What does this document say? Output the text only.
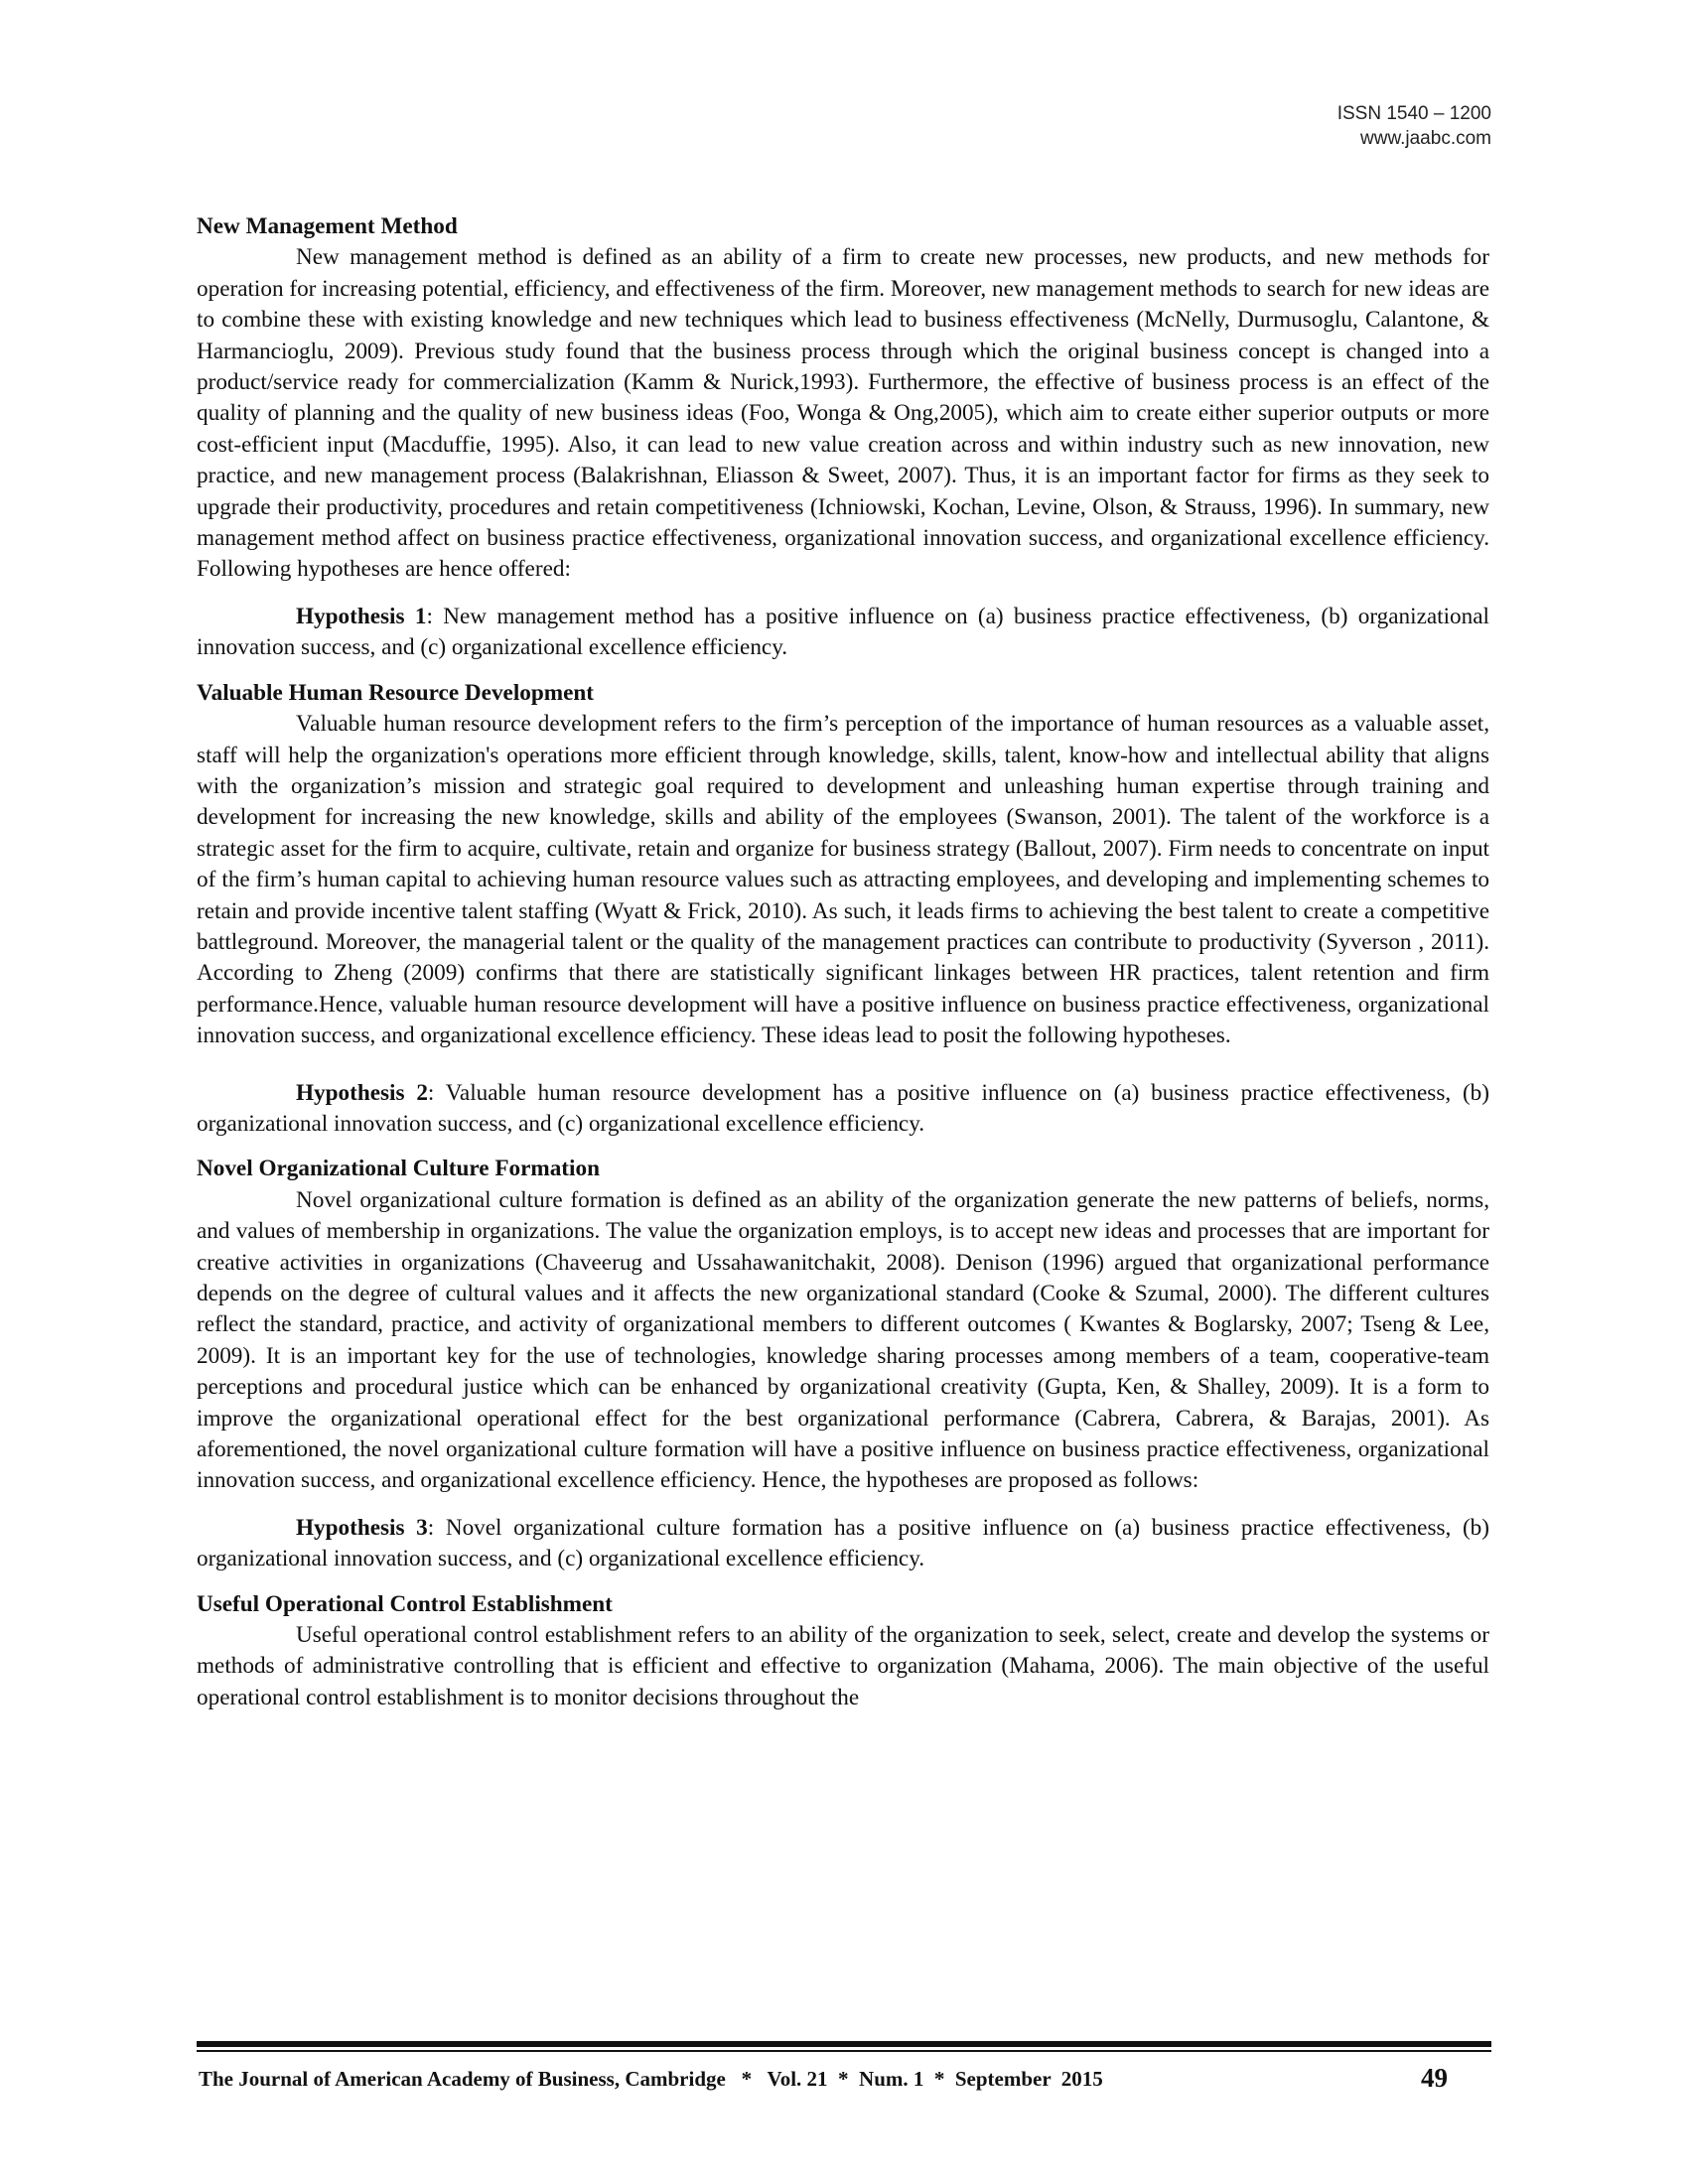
ISSN 1540 – 1200
www.jaabc.com

New Management Method

New management method is defined as an ability of a firm to create new processes, new products, and new methods for operation for increasing potential, efficiency, and effectiveness of the firm. Moreover, new management methods to search for new ideas are to combine these with existing knowledge and new techniques which lead to business effectiveness (McNelly, Durmusoglu, Calantone, & Harmancioglu, 2009). Previous study found that the business process through which the original business concept is changed into a product/service ready for commercialization (Kamm & Nurick,1993). Furthermore, the effective of business process is an effect of the quality of planning and the quality of new business ideas (Foo, Wonga & Ong,2005), which aim to create either superior outputs or more cost-efficient input (Macduffie, 1995). Also, it can lead to new value creation across and within industry such as new innovation, new practice, and new management process (Balakrishnan, Eliasson & Sweet, 2007). Thus, it is an important factor for firms as they seek to upgrade their productivity, procedures and retain competitiveness (Ichniowski, Kochan, Levine, Olson, & Strauss, 1996). In summary, new management method affect on business practice effectiveness, organizational innovation success, and organizational excellence efficiency. Following hypotheses are hence offered:

Hypothesis 1: New management method has a positive influence on (a) business practice effectiveness, (b) organizational innovation success, and (c) organizational excellence efficiency.

Valuable Human Resource Development

Valuable human resource development refers to the firm’s perception of the importance of human resources as a valuable asset, staff will help the organization's operations more efficient through knowledge, skills, talent, know-how and intellectual ability that aligns with the organization’s mission and strategic goal required to development and unleashing human expertise through training and development for increasing the new knowledge, skills and ability of the employees (Swanson, 2001). The talent of the workforce is a strategic asset for the firm to acquire, cultivate, retain and organize for business strategy (Ballout, 2007). Firm needs to concentrate on input of the firm’s human capital to achieving human resource values such as attracting employees, and developing and implementing schemes to retain and provide incentive talent staffing (Wyatt & Frick, 2010). As such, it leads firms to achieving the best talent to create a competitive battleground. Moreover, the managerial talent or the quality of the management practices can contribute to productivity (Syverson , 2011). According to Zheng (2009) confirms that there are statistically significant linkages between HR practices, talent retention and firm performance.Hence, valuable human resource development will have a positive influence on business practice effectiveness, organizational innovation success, and organizational excellence efficiency. These ideas lead to posit the following hypotheses.

Hypothesis 2: Valuable human resource development has a positive influence on (a) business practice effectiveness, (b) organizational innovation success, and (c) organizational excellence efficiency.

Novel Organizational Culture Formation

Novel organizational culture formation is defined as an ability of the organization generate the new patterns of beliefs, norms, and values of membership in organizations. The value the organization employs, is to accept new ideas and processes that are important for creative activities in organizations (Chaveerug and Ussahawanitchakit, 2008). Denison (1996) argued that organizational performance depends on the degree of cultural values and it affects the new organizational standard (Cooke & Szumal, 2000). The different cultures reflect the standard, practice, and activity of organizational members to different outcomes ( Kwantes & Boglarsky, 2007; Tseng & Lee, 2009). It is an important key for the use of technologies, knowledge sharing processes among members of a team, cooperative-team perceptions and procedural justice which can be enhanced by organizational creativity (Gupta, Ken, & Shalley, 2009). It is a form to improve the organizational operational effect for the best organizational performance (Cabrera, Cabrera, & Barajas, 2001). As aforementioned, the novel organizational culture formation will have a positive influence on business practice effectiveness, organizational innovation success, and organizational excellence efficiency. Hence, the hypotheses are proposed as follows:

Hypothesis 3: Novel organizational culture formation has a positive influence on (a) business practice effectiveness, (b) organizational innovation success, and (c) organizational excellence efficiency.

Useful Operational Control Establishment

Useful operational control establishment refers to an ability of the organization to seek, select, create and develop the systems or methods of administrative controlling that is efficient and effective to organization (Mahama, 2006). The main objective of the useful operational control establishment is to monitor decisions throughout the

The Journal of American Academy of Business, Cambridge   *   Vol. 21  *  Num. 1  *  September  2015	49
